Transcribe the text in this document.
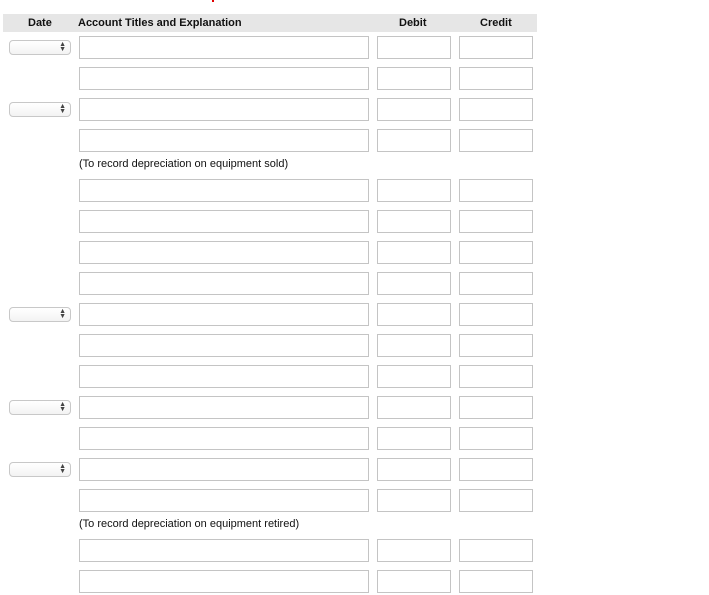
Date Account Titles and Explanation	Debit	Credit
▲
▼
▲
▼
(To record depreciation on equipment sold)
▲
▼
▲
▼
▲
▼
(To record depreciation on equipment retired)
